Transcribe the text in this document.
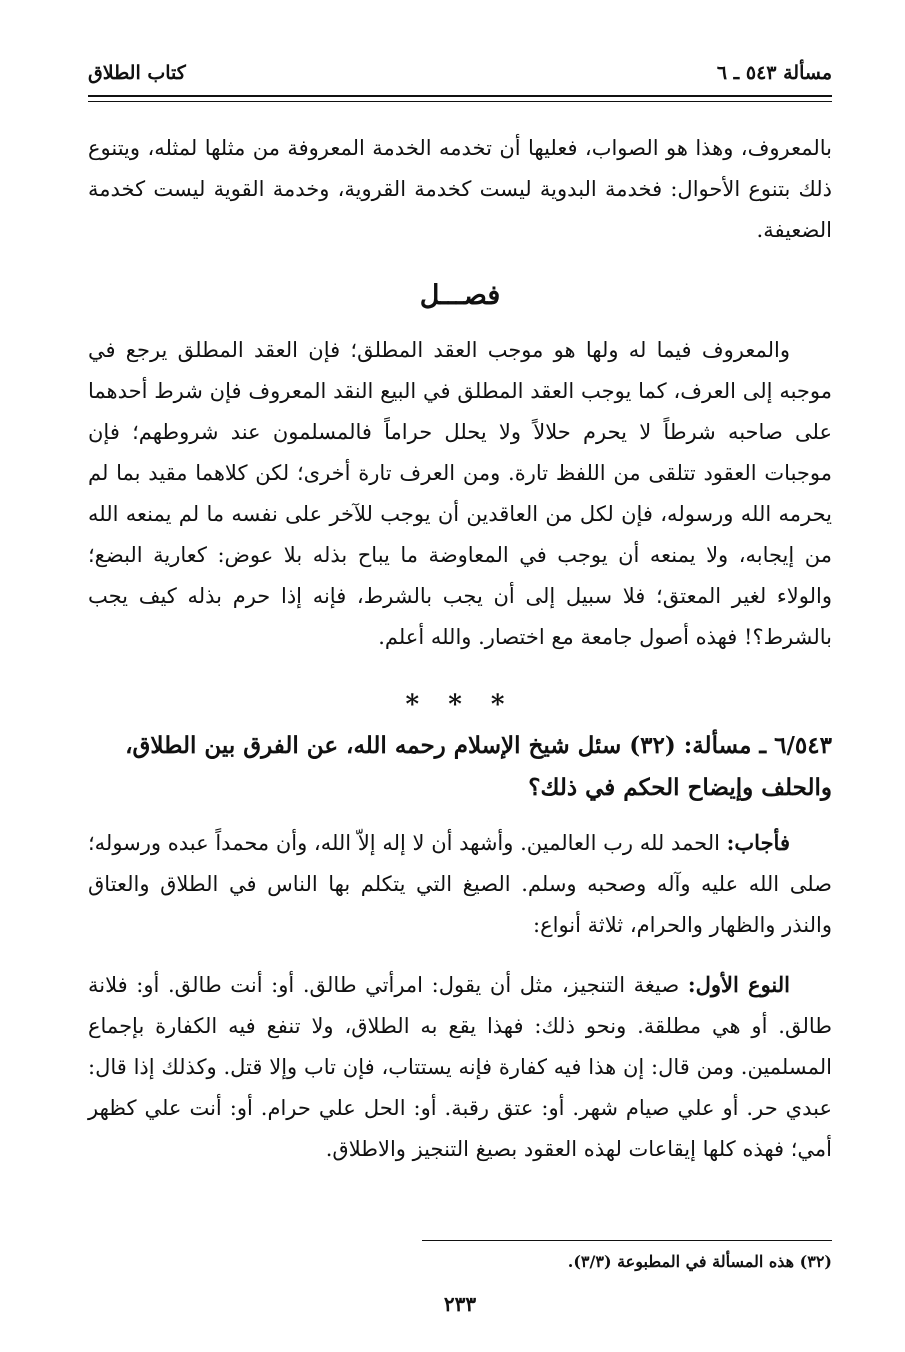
مسألة ٥٤٣ ـ ٦
كتاب الطلاق

بالمعروف، وهذا هو الصواب، فعليها أن تخدمه الخدمة المعروفة من مثلها لمثله، ويتنوع ذلك بتنوع الأحوال: فخدمة البدوية ليست كخدمة القروية، وخدمة القوية ليست كخدمة الضعيفة.

فصـــل

والمعروف فيما له ولها هو موجب العقد المطلق؛ فإن العقد المطلق يرجع في موجبه إلى العرف، كما يوجب العقد المطلق في البيع النقد المعروف فإن شرط أحدهما على صاحبه شرطاً لا يحرم حلالاً ولا يحلل حراماً فالمسلمون عند شروطهم؛ فإن موجبات العقود تتلقى من اللفظ تارة. ومن العرف تارة أخرى؛ لكن كلاهما مقيد بما لم يحرمه الله ورسوله، فإن لكل من العاقدين أن يوجب للآخر على نفسه ما لم يمنعه الله من إيجابه، ولا يمنعه أن يوجب في المعاوضة ما يباح بذله بلا عوض: كعارية البضع؛ والولاء لغير المعتق؛ فلا سبيل إلى أن يجب بالشرط، فإنه إذا حرم بذله كيف يجب بالشرط؟! فهذه أصول جامعة مع اختصار. والله أعلم.

* * *

٦/٥٤٣ ـ مسألة: (٣٢) سئل شيخ الإسلام رحمه الله، عن الفرق بين الطلاق، والحلف وإيضاح الحكم في ذلك؟

فأجاب: الحمد لله رب العالمين. وأشهد أن لا إله إلاّ الله، وأن محمداً عبده ورسوله؛ صلى الله عليه وآله وصحبه وسلم. الصيغ التي يتكلم بها الناس في الطلاق والعتاق والنذر والظهار والحرام، ثلاثة أنواع:

النوع الأول: صيغة التنجيز، مثل أن يقول: امرأتي طالق. أو: أنت طالق. أو: فلانة طالق. أو هي مطلقة. ونحو ذلك: فهذا يقع به الطلاق، ولا تنفع فيه الكفارة بإجماع المسلمين. ومن قال: إن هذا فيه كفارة فإنه يستتاب، فإن تاب وإلا قتل. وكذلك إذا قال: عبدي حر. أو علي صيام شهر. أو: عتق رقبة. أو: الحل علي حرام. أو: أنت علي كظهر أمي؛ فهذه كلها إيقاعات لهذه العقود بصيغ التنجيز والاطلاق.

(٣٢) هذه المسألة في المطبوعة (٣/٣).
٢٣٣
